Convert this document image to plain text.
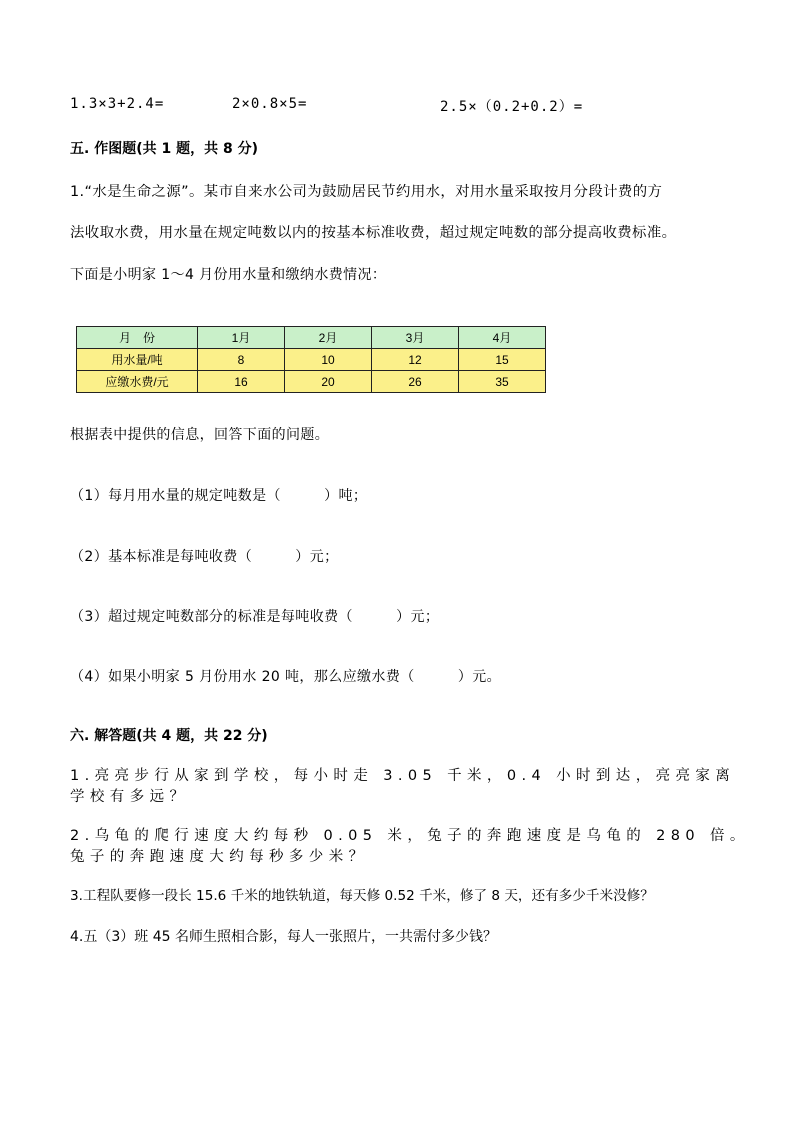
1.3×3+2.4=	2×0.8×5=	2.5×（0.2+0.2）=
五. 作图题(共 1 题，共 8 分)
1.“水是生命之源”。某市自来水公司为鼓励居民节约用水，对用水量采取按月分段计费的方
法收取水费，用水量在规定吨数以内的按基本标准收费，超过规定吨数的部分提高收费标准。
下面是小明家 1～4 月份用水量和缴纳水费情况：
月　份	1月	2月	3月	4月
用水量/吨	8	10	12	15
应缴水费/元	16	20	26	35
根据表中提供的信息，回答下面的问题。
（1）每月用水量的规定吨数是（　　　）吨；
（2）基本标准是每吨收费（　　　）元；
（3）超过规定吨数部分的标准是每吨收费（　　　）元；
（4）如果小明家 5 月份用水 20 吨，那么应缴水费（　　　）元。
六. 解答题(共 4 题，共 22 分)
1.亮亮步行从家到学校，每小时走 3.05 千米，0.4 小时到达，亮亮家离
学校有多远？
2.乌龟的爬行速度大约每秒 0.05 米，兔子的奔跑速度是乌龟的 280 倍。
兔子的奔跑速度大约每秒多少米？
3.工程队要修一段长 15.6 千米的地铁轨道，每天修 0.52 千米，修了 8 天，还有多少千米没修？
4.五（3）班 45 名师生照相合影，每人一张照片，一共需付多少钱？
